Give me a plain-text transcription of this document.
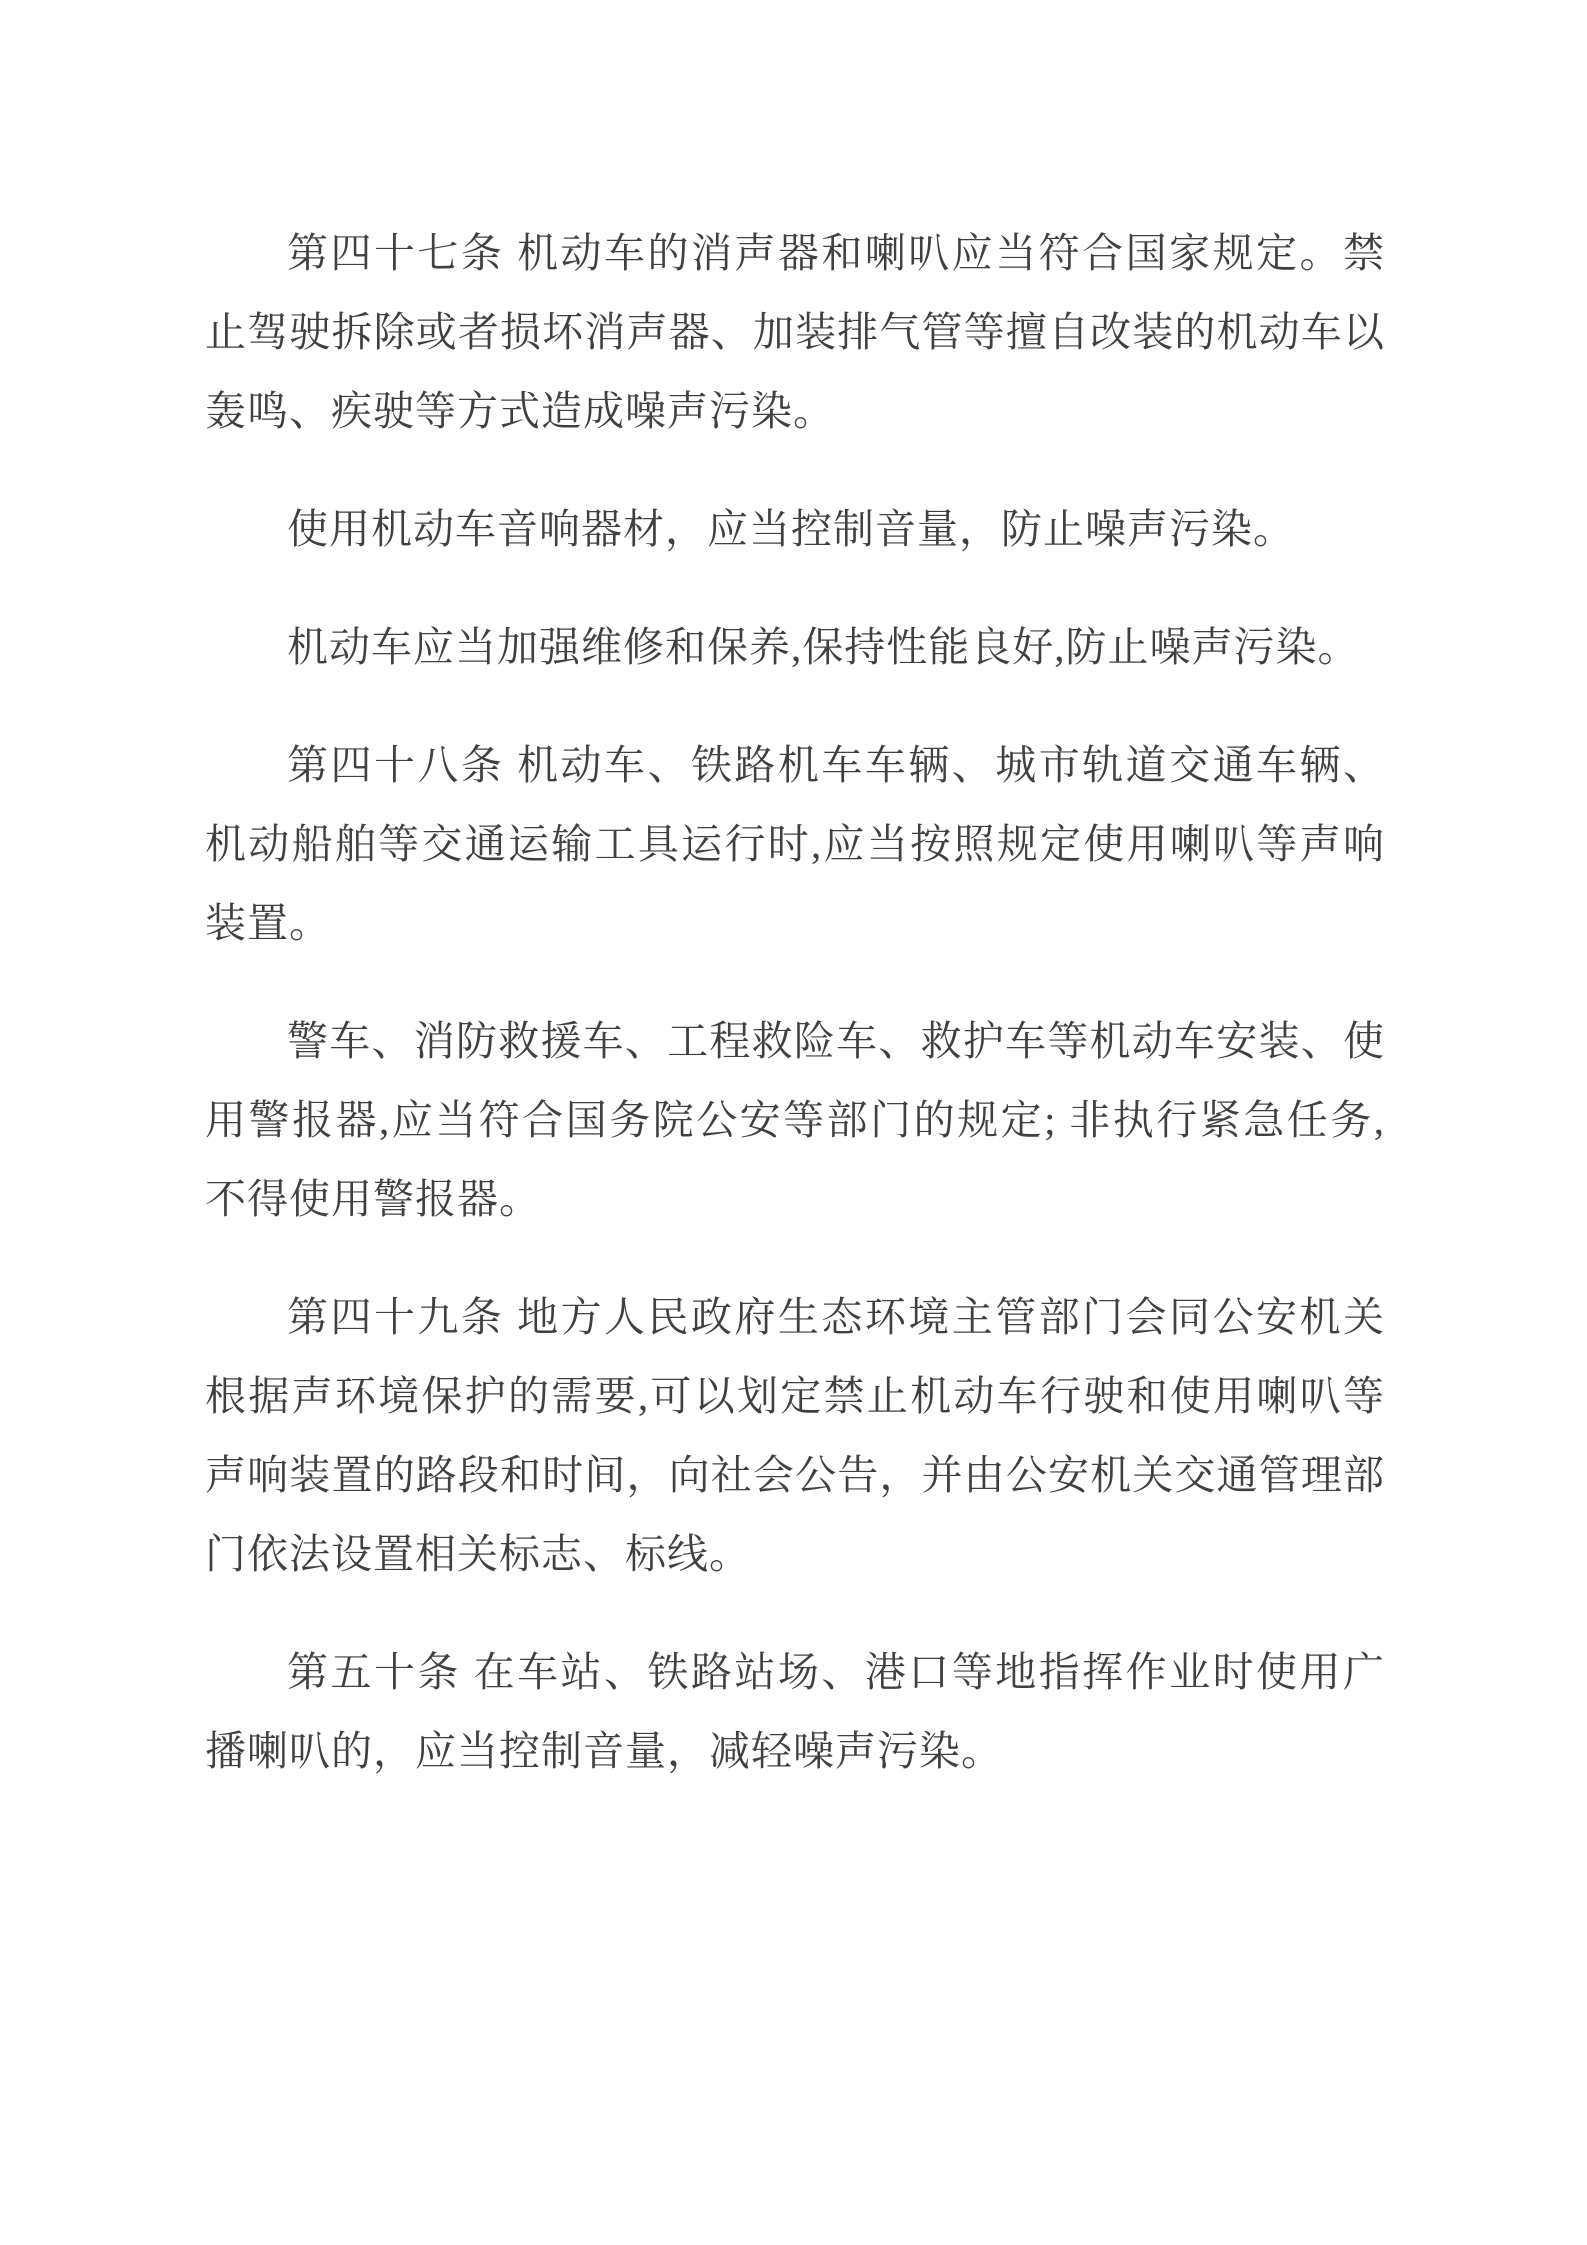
第四十七条 机动车的消声器和喇叭应当符合国家规定。禁止驾驶拆除或者损坏消声器、加装排气管等擅自改装的机动车以轰鸣、疾驶等方式造成噪声污染。

使用机动车音响器材，应当控制音量，防止噪声污染。

机动车应当加强维修和保养,保持性能良好,防止噪声污染。

第四十八条 机动车、铁路机车车辆、城市轨道交通车辆、机动船舶等交通运输工具运行时,应当按照规定使用喇叭等声响装置。

警车、消防救援车、工程救险车、救护车等机动车安装、使用警报器,应当符合国务院公安等部门的规定; 非执行紧急任务,不得使用警报器。

第四十九条 地方人民政府生态环境主管部门会同公安机关根据声环境保护的需要,可以划定禁止机动车行驶和使用喇叭等声响装置的路段和时间，向社会公告，并由公安机关交通管理部门依法设置相关标志、标线。

第五十条 在车站、铁路站场、港口等地指挥作业时使用广播喇叭的，应当控制音量，减轻噪声污染。
